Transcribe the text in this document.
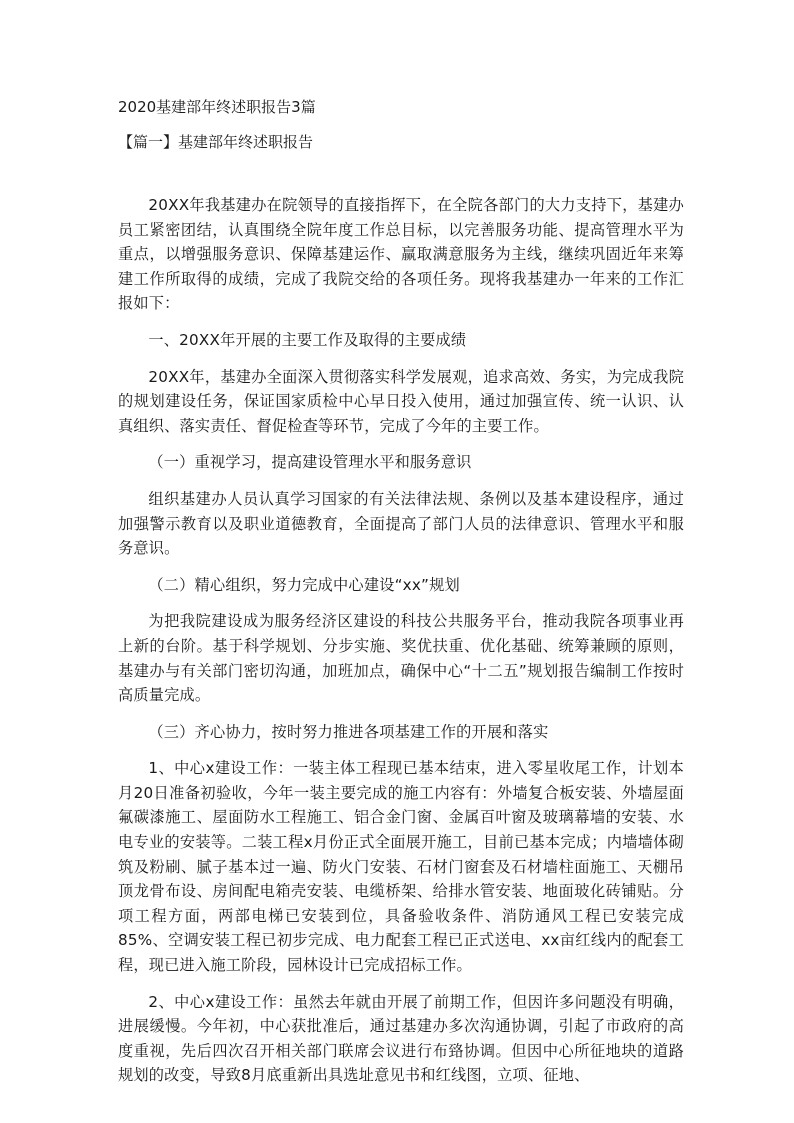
2020基建部年终述职报告3篇
【篇一】基建部年终述职报告

20XX年我基建办在院领导的直接指挥下，在全院各部门的大力支持下，基建办员工紧密团结，认真围绕全院年度工作总目标，以完善服务功能、提高管理水平为重点，以增强服务意识、保障基建运作、赢取满意服务为主线，继续巩固近年来筹建工作所取得的成绩，完成了我院交给的各项任务。现将我基建办一年来的工作汇报如下：

一、20XX年开展的主要工作及取得的主要成绩

20XX年，基建办全面深入贯彻落实科学发展观，追求高效、务实，为完成我院的规划建设任务，保证国家质检中心早日投入使用，通过加强宣传、统一认识、认真组织、落实责任、督促检查等环节，完成了今年的主要工作。

（一）重视学习，提高建设管理水平和服务意识

组织基建办人员认真学习国家的有关法律法规、条例以及基本建设程序，通过加强警示教育以及职业道德教育，全面提高了部门人员的法律意识、管理水平和服务意识。

（二）精心组织，努力完成中心建设“xx”规划

为把我院建设成为服务经济区建设的科技公共服务平台，推动我院各项事业再上新的台阶。基于科学规划、分步实施、奖优扶重、优化基础、统筹兼顾的原则，基建办与有关部门密切沟通，加班加点，确保中心“十二五”规划报告编制工作按时高质量完成。

（三）齐心协力，按时努力推进各项基建工作的开展和落实

1、中心x建设工作：一装主体工程现已基本结束，进入零星收尾工作，计划本月20日准备初验收，今年一装主要完成的施工内容有：外墙复合板安装、外墙屋面氟碳漆施工、屋面防水工程施工、铝合金门窗、金属百叶窗及玻璃幕墙的安装、水电专业的安装等。二装工程x月份正式全面展开施工，目前已基本完成；内墙墙体砌筑及粉刷、腻子基本过一遍、防火门安装、石材门窗套及石材墙柱面施工、天棚吊顶龙骨布设、房间配电箱壳安装、电缆桥架、给排水管安装、地面玻化砖铺贴。分项工程方面，两部电梯已安装到位，具备验收条件、消防通风工程已安装完成85%、空调安装工程已初步完成、电力配套工程已正式送电、xx亩红线内的配套工程，现已进入施工阶段，园林设计已完成招标工作。

2、中心x建设工作：虽然去年就由开展了前期工作，但因许多问题没有明确，进展缓慢。今年初，中心获批准后，通过基建办多次沟通协调，引起了市政府的高度重视，先后四次召开相关部门联席会议进行布臵协调。但因中心所征地块的道路规划的改变，导致8月底重新出具选址意见书和红线图，立项、征地、
